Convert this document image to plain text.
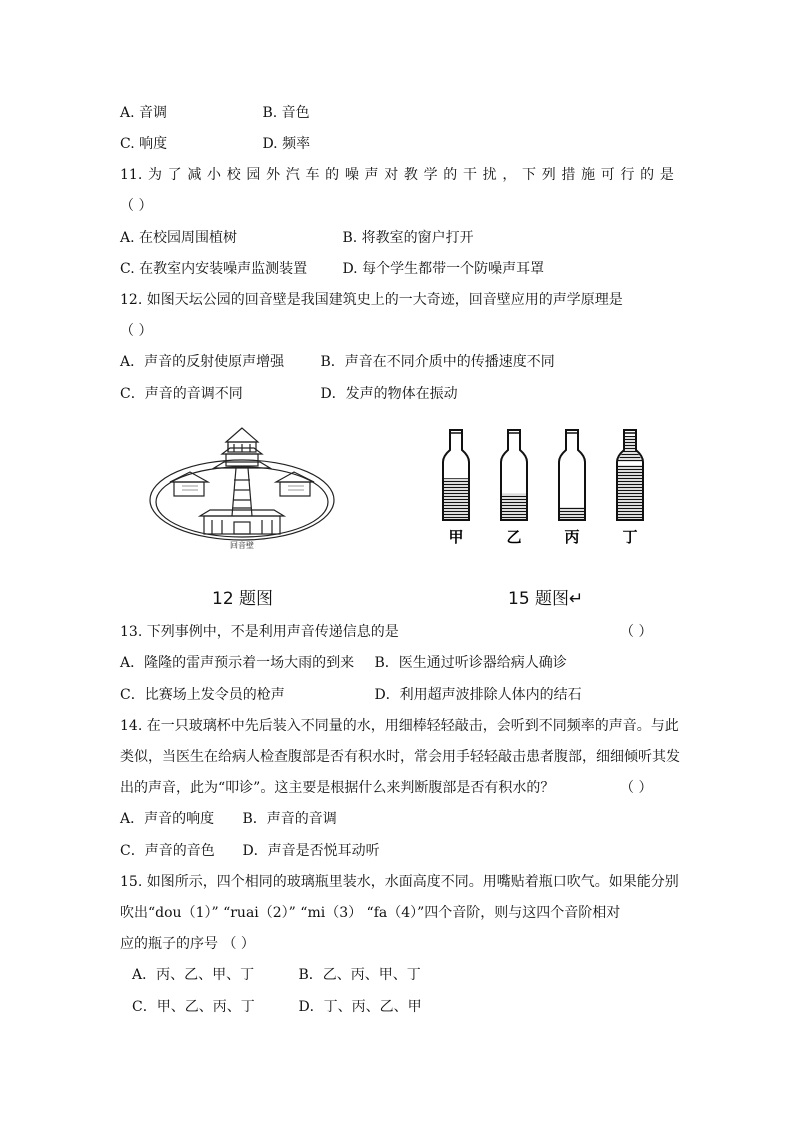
A. 音调	B. 音色
C. 响度	D. 频率
11. 为 了 减 小 校 园 外 汽 车 的 噪 声 对 教 学 的 干 扰 ， 下 列 措 施 可 行 的 是
（ ）
A. 在校园周围植树	B. 将教室的窗户打开
C. 在教室内安装噪声监测装置	D. 每个学生都带一个防噪声耳罩
12. 如图天坛公园的回音壁是我国建筑史上的一大奇迹，回音壁应用的声学原理是
（ ）
A．声音的反射使原声增强	B．声音在不同介质中的传播速度不同
C．声音的音调不同	D．发声的物体在振动
回音壁	甲	乙	丙	丁
12 题图	15 题图↵
13. 下列事例中，不是利用声音传递信息的是	（ ）
A．隆隆的雷声预示着一场大雨的到来 B．医生通过听诊器给病人确诊
C．比赛场上发令员的枪声	D．利用超声波排除人体内的结石
14. 在一只玻璃杯中先后装入不同量的水，用细棒轻轻敲击，会听到不同频率的声音。与此
类似，当医生在给病人检查腹部是否有积水时，常会用手轻轻敲击患者腹部，细细倾听其发
出的声音，此为“叩诊”。这主要是根据什么来判断腹部是否有积水的？	（ ）
A．声音的响度 B．声音的音调
C．声音的音色 D．声音是否悦耳动听
15. 如图所示，四个相同的玻璃瓶里装水，水面高度不同。用嘴贴着瓶口吹气。如果能分别
吹出“dou（1）” “ruai（2）” “mi（3） “fa（4）”四个音阶，则与这四个音阶相对
应的瓶子的序号 （ ）
A．丙、乙、甲、丁	B．乙、丙、甲、丁
C．甲、乙、丙、丁	D．丁、丙、乙、甲
